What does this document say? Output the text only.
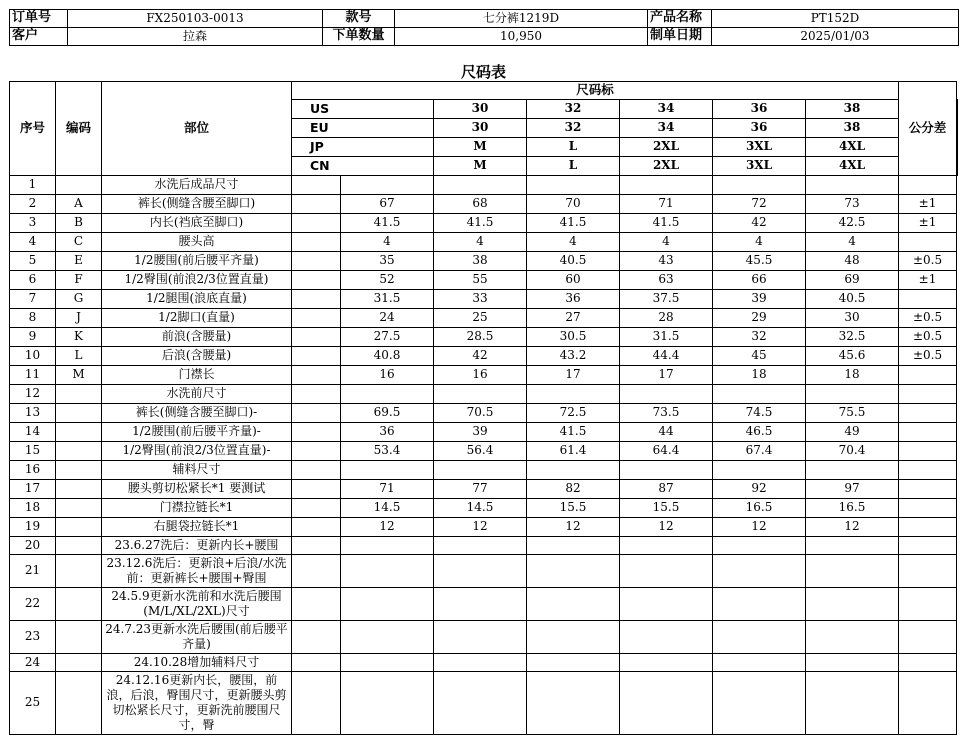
订单号	FX250103-0013	款号	七分裤1219D	产品名称	PT152D
客户	拉森	下单数量	10,950	制单日期	2025/01/03
尺码表
序号	编码	部位	尺码标							公分差	
			US		30	32	34	36	38	
			EU		30	32	34	36	38	
			JP		M	L	2XL	3XL	4XL	
			CN		M	L	2XL	3XL	4XL	
1		水洗后成品尺寸									
2	A	裤长(侧缝含腰至脚口)		67	68	70	71	72	73	±1	
3	B	内长(裆底至脚口)		41.5	41.5	41.5	41.5	42	42.5	±1	
4	C	腰头高		4	4	4	4	4	4		
5	E	1/2腰围(前后腰平齐量)		35	38	40.5	43	45.5	48	±0.5	
6	F	1/2臀围(前浪2/3位置直量)		52	55	60	63	66	69	±1	
7	G	1/2腿围(浪底直量)		31.5	33	36	37.5	39	40.5		
8	J	1/2脚口(直量)		24	25	27	28	29	30	±0.5	
9	K	前浪(含腰量)		27.5	28.5	30.5	31.5	32	32.5	±0.5	
10	L	后浪(含腰量)		40.8	42	43.2	44.4	45	45.6	±0.5	
11	M	门襟长		16	16	17	17	18	18		
12		水洗前尺寸									
13		裤长(侧缝含腰至脚口)-		69.5	70.5	72.5	73.5	74.5	75.5		
14		1/2腰围(前后腰平齐量)-		36	39	41.5	44	46.5	49		
15		1/2臀围(前浪2/3位置直量)-		53.4	56.4	61.4	64.4	67.4	70.4		
16		辅料尺寸									
17		腰头剪切松紧长*1 要测试		71	77	82	87	92	97		
18		门襟拉链长*1		14.5	14.5	15.5	15.5	16.5	16.5		
19		右腿袋拉链长*1		12	12	12	12	12	12		
20		23.6.27洗后：更新内长+腰围									
21		23.12.6洗后：更新浪+后浪/水洗前：更新裤长+腰围+臀围									
22		24.5.9更新水洗前和水洗后腰围(M/L/XL/2XL)尺寸									
23		24.7.23更新水洗后腰围(前后腰平齐量)									
24		24.10.28增加辅料尺寸									
25		24.12.16更新内长，腰围，前浪，后浪，臀围尺寸，更新腰头剪切松紧长尺寸，更新洗前腰围尺寸，臀									
